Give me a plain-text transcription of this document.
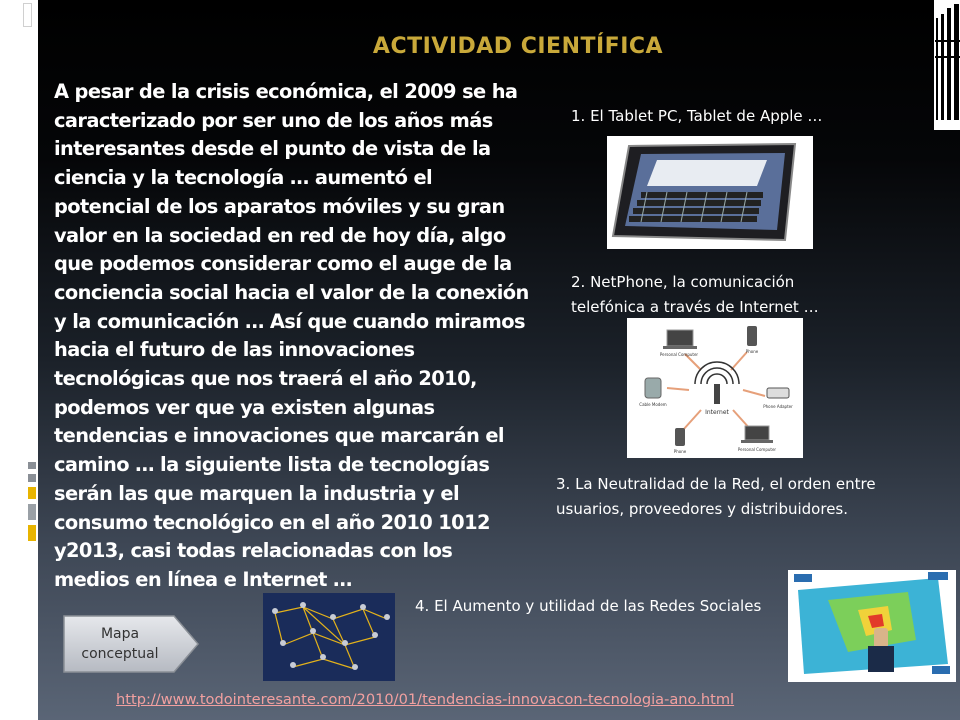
ACTIVIDAD CIENTÍFICA
A pesar de la crisis económica, el 2009 se ha caracterizado por ser uno de los años más interesantes desde el punto de vista de la ciencia y la tecnología … aumentó el potencial de los aparatos móviles y su gran valor en la sociedad en red de hoy día, algo que podemos considerar como el auge de la conciencia social hacia el valor de la conexión y la comunicación … Así que cuando miramos hacia el futuro de las innovaciones tecnológicas que nos traerá el año 2010, podemos ver que ya existen algunas tendencias e innovaciones que marcarán el camino … la siguiente lista de tecnologías serán las que marquen la industria y el consumo tecnológico en el año 2010 1012 y2013, casi todas relacionadas con los medios en línea e Internet …
1. El Tablet PC, Tablet de Apple …
2. NetPhone, la comunicación telefónica a través de Internet …
Internet
Personal Computer
Phone
Cable Modem	Phone Adapter
Phone	Personal Computer
3. La Neutralidad de la Red, el orden entre usuarios, proveedores y distribuidores.
4. El Aumento y utilidad de las Redes Sociales
Mapa conceptual
http://www.todointeresante.com/2010/01/tendencias-innovacon-tecnologia-ano.html
